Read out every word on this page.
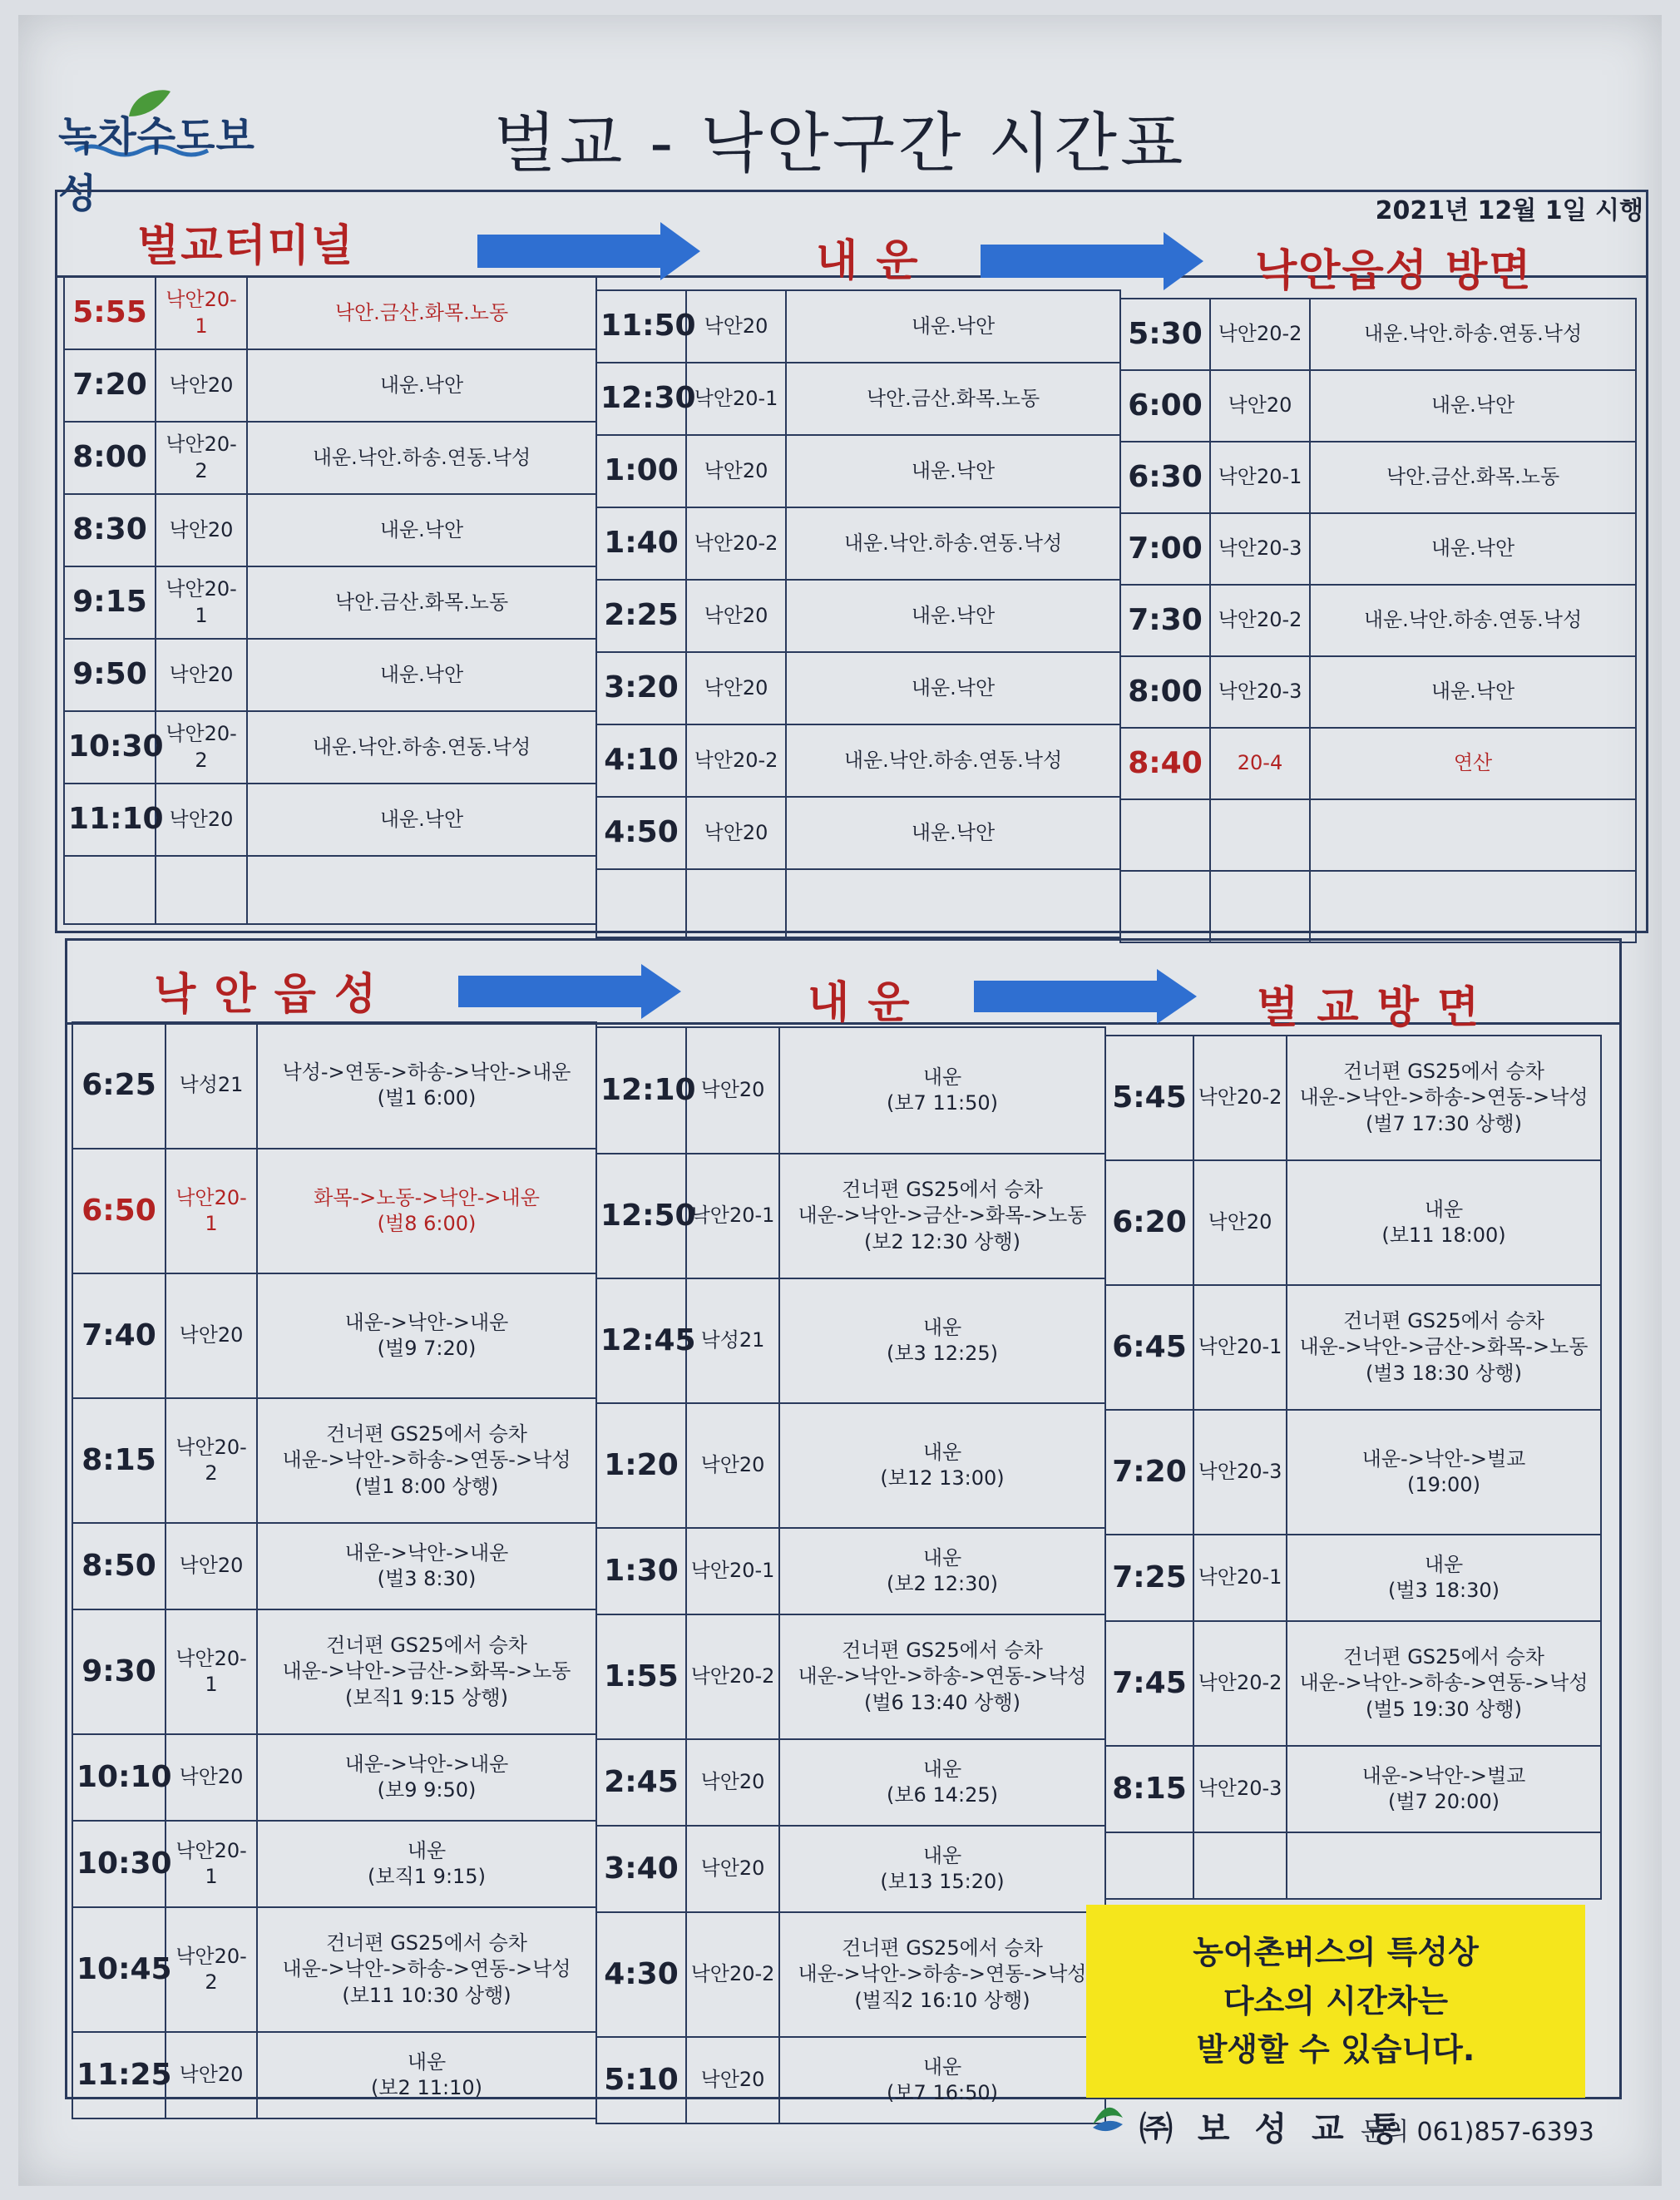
녹차수도보성
벌교 - 낙안구간 시간표
2021년 12월 1일 시행
벌교터미널	내 운	낙안읍성 방면
5:55	낙안20-1	낙안.금산.화목.노동
7:20	낙안20	내운.낙안
8:00	낙안20-2	내운.낙안.하송.연동.낙성
8:30	낙안20	내운.낙안
9:15	낙안20-1	낙안.금산.화목.노동
9:50	낙안20	내운.낙안
10:30	낙안20-2	내운.낙안.하송.연동.낙성
11:10	낙안20	내운.낙안

11:50	낙안20	내운.낙안
12:30	낙안20-1	낙안.금산.화목.노동
1:00	낙안20	내운.낙안
1:40	낙안20-2	내운.낙안.하송.연동.낙성
2:25	낙안20	내운.낙안
3:20	낙안20	내운.낙안
4:10	낙안20-2	내운.낙안.하송.연동.낙성
4:50	낙안20	내운.낙안

5:30	낙안20-2	내운.낙안.하송.연동.낙성
6:00	낙안20	내운.낙안
6:30	낙안20-1	낙안.금산.화목.노동
7:00	낙안20-3	내운.낙안
7:30	낙안20-2	내운.낙안.하송.연동.낙성
8:00	낙안20-3	내운.낙안
8:40	20-4	연산

낙 안 읍 성	내 운	벌 교 방 면
6:25	낙성21	낙성->연동->하송->낙안->내운
(벌1 6:00)

6:50	낙안20-1	화목->노동->낙안->내운
(벌8 6:00)

7:40	낙안20	내운->낙안->내운
(벌9 7:20)

8:15	낙안20-2	건너편 GS25에서 승차
내운->낙안->하송->연동->낙성
(벌1 8:00 상행)

8:50	낙안20	내운->낙안->내운
(벌3 8:30)

9:30	낙안20-1	건너편 GS25에서 승차
내운->낙안->금산->화목->노동
(보직1 9:15 상행)

10:10	낙안20	내운->낙안->내운
(보9 9:50)

10:30	낙안20-1	내운
(보직1 9:15)

10:45	낙안20-2	건너편 GS25에서 승차
내운->낙안->하송->연동->낙성
(보11 10:30 상행)

11:25	낙안20	내운
(보2 11:10)
12:10	낙안20	내운
(보7 11:50)

12:50	낙안20-1	건너편 GS25에서 승차
내운->낙안->금산->화목->노동
(보2 12:30 상행)

12:45	낙성21	내운
(보3 12:25)

1:20	낙안20	내운
(보12 13:00)

1:30	낙안20-1	내운
(보2 12:30)

1:55	낙안20-2	건너편 GS25에서 승차
내운->낙안->하송->연동->낙성
(벌6 13:40 상행)

2:45	낙안20	내운
(보6 14:25)

3:40	낙안20	내운
(보13 15:20)

4:30	낙안20-2	건너편 GS25에서 승차
내운->낙안->하송->연동->낙성
(벌직2 16:10 상행)

5:10	낙안20	내운
(보7 16:50)
5:45	낙안20-2	건너편 GS25에서 승차
내운->낙안->하송->연동->낙성
(벌7 17:30 상행)

6:20	낙안20	내운
(보11 18:00)

6:45	낙안20-1	건너편 GS25에서 승차
내운->낙안->금산->화목->노동
(벌3 18:30 상행)

7:20	낙안20-3	내운->낙안->벌교
(19:00)

7:25	낙안20-1	내운
(벌3 18:30)

7:45	낙안20-2	건너편 GS25에서 승차
내운->낙안->하송->연동->낙성
(벌5 19:30 상행)

8:15	낙안20-3	내운->낙안->벌교
(벌7 20:00)

농어촌버스의 특성상
다소의 시간차는
발생할 수 있습니다.
㈜ 보 성 교 통
문의 061)857-6393
